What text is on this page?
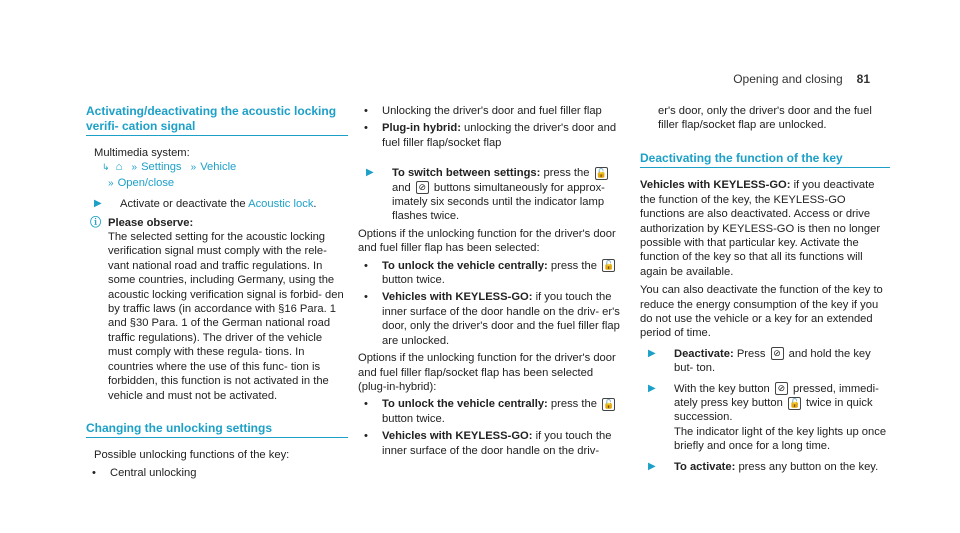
Opening and closing 81
Activating/deactivating the acoustic locking verifi- cation signal

Multimedia system:

↳ ⌂ » Settings » Vehicle

» Open/close

▶	Activate or deactivate the Acoustic lock.
ⓘ Please observe:

The selected setting for the acoustic locking verification signal must comply with the rele- vant national road and traffic regulations. In some countries, including Germany, using the acoustic locking verification signal is forbid- den by traffic laws (in accordance with §16 Para. 1 and §30 Para. 1 of the German national road traffic regulations). The driver of the vehicle must comply with these regula- tions. In countries where the use of this func- tion is forbidden, this function is not activated in the vehicle and must not be activated.

Changing the unlocking settings

Possible unlocking functions of the key:

•	Central unlocking
•	Unlocking the driver's door and fuel filler flap
•	Plug-in hybrid: unlocking the driver's door and fuel filler flap/socket flap
▶	To switch between settings: press the 🔓 and ⊘ buttons simultaneously for approx- imately six seconds until the indicator lamp flashes twice.

Options if the unlocking function for the driver's door and fuel filler flap has been selected:

•	To unlock the vehicle centrally: press the 🔓 button twice.
•	Vehicles with KEYLESS-GO: if you touch the inner surface of the door handle on the driv- er's door, only the driver's door and the fuel filler flap are unlocked.

Options if the unlocking function for the driver's door and fuel filler flap/socket flap has been selected (plug-in-hybrid):

•	To unlock the vehicle centrally: press the 🔓 button twice.
•	Vehicles with KEYLESS-GO: if you touch the inner surface of the door handle on the driv-

er's door, only the driver's door and the fuel filler flap/socket flap are unlocked.

Deactivating the function of the key

Vehicles with KEYLESS-GO: if you deactivate the function of the key, the KEYLESS-GO functions are also deactivated. Access or drive authorization by KEYLESS-GO is then no longer possible with that particular key. Activate the function of the key so that all its functions will again be available.

You can also deactivate the function of the key to reduce the energy consumption of the key if you do not use the vehicle or a key for an extended period of time.

▶	Deactivate: Press ⊘ and hold the key but- ton.
▶	With the key button ⊘ pressed, immedi- ately press key button 🔓 twice in quick succession.
The indicator light of the key lights up once briefly and once for a long time.
▶	To activate: press any button on the key.
